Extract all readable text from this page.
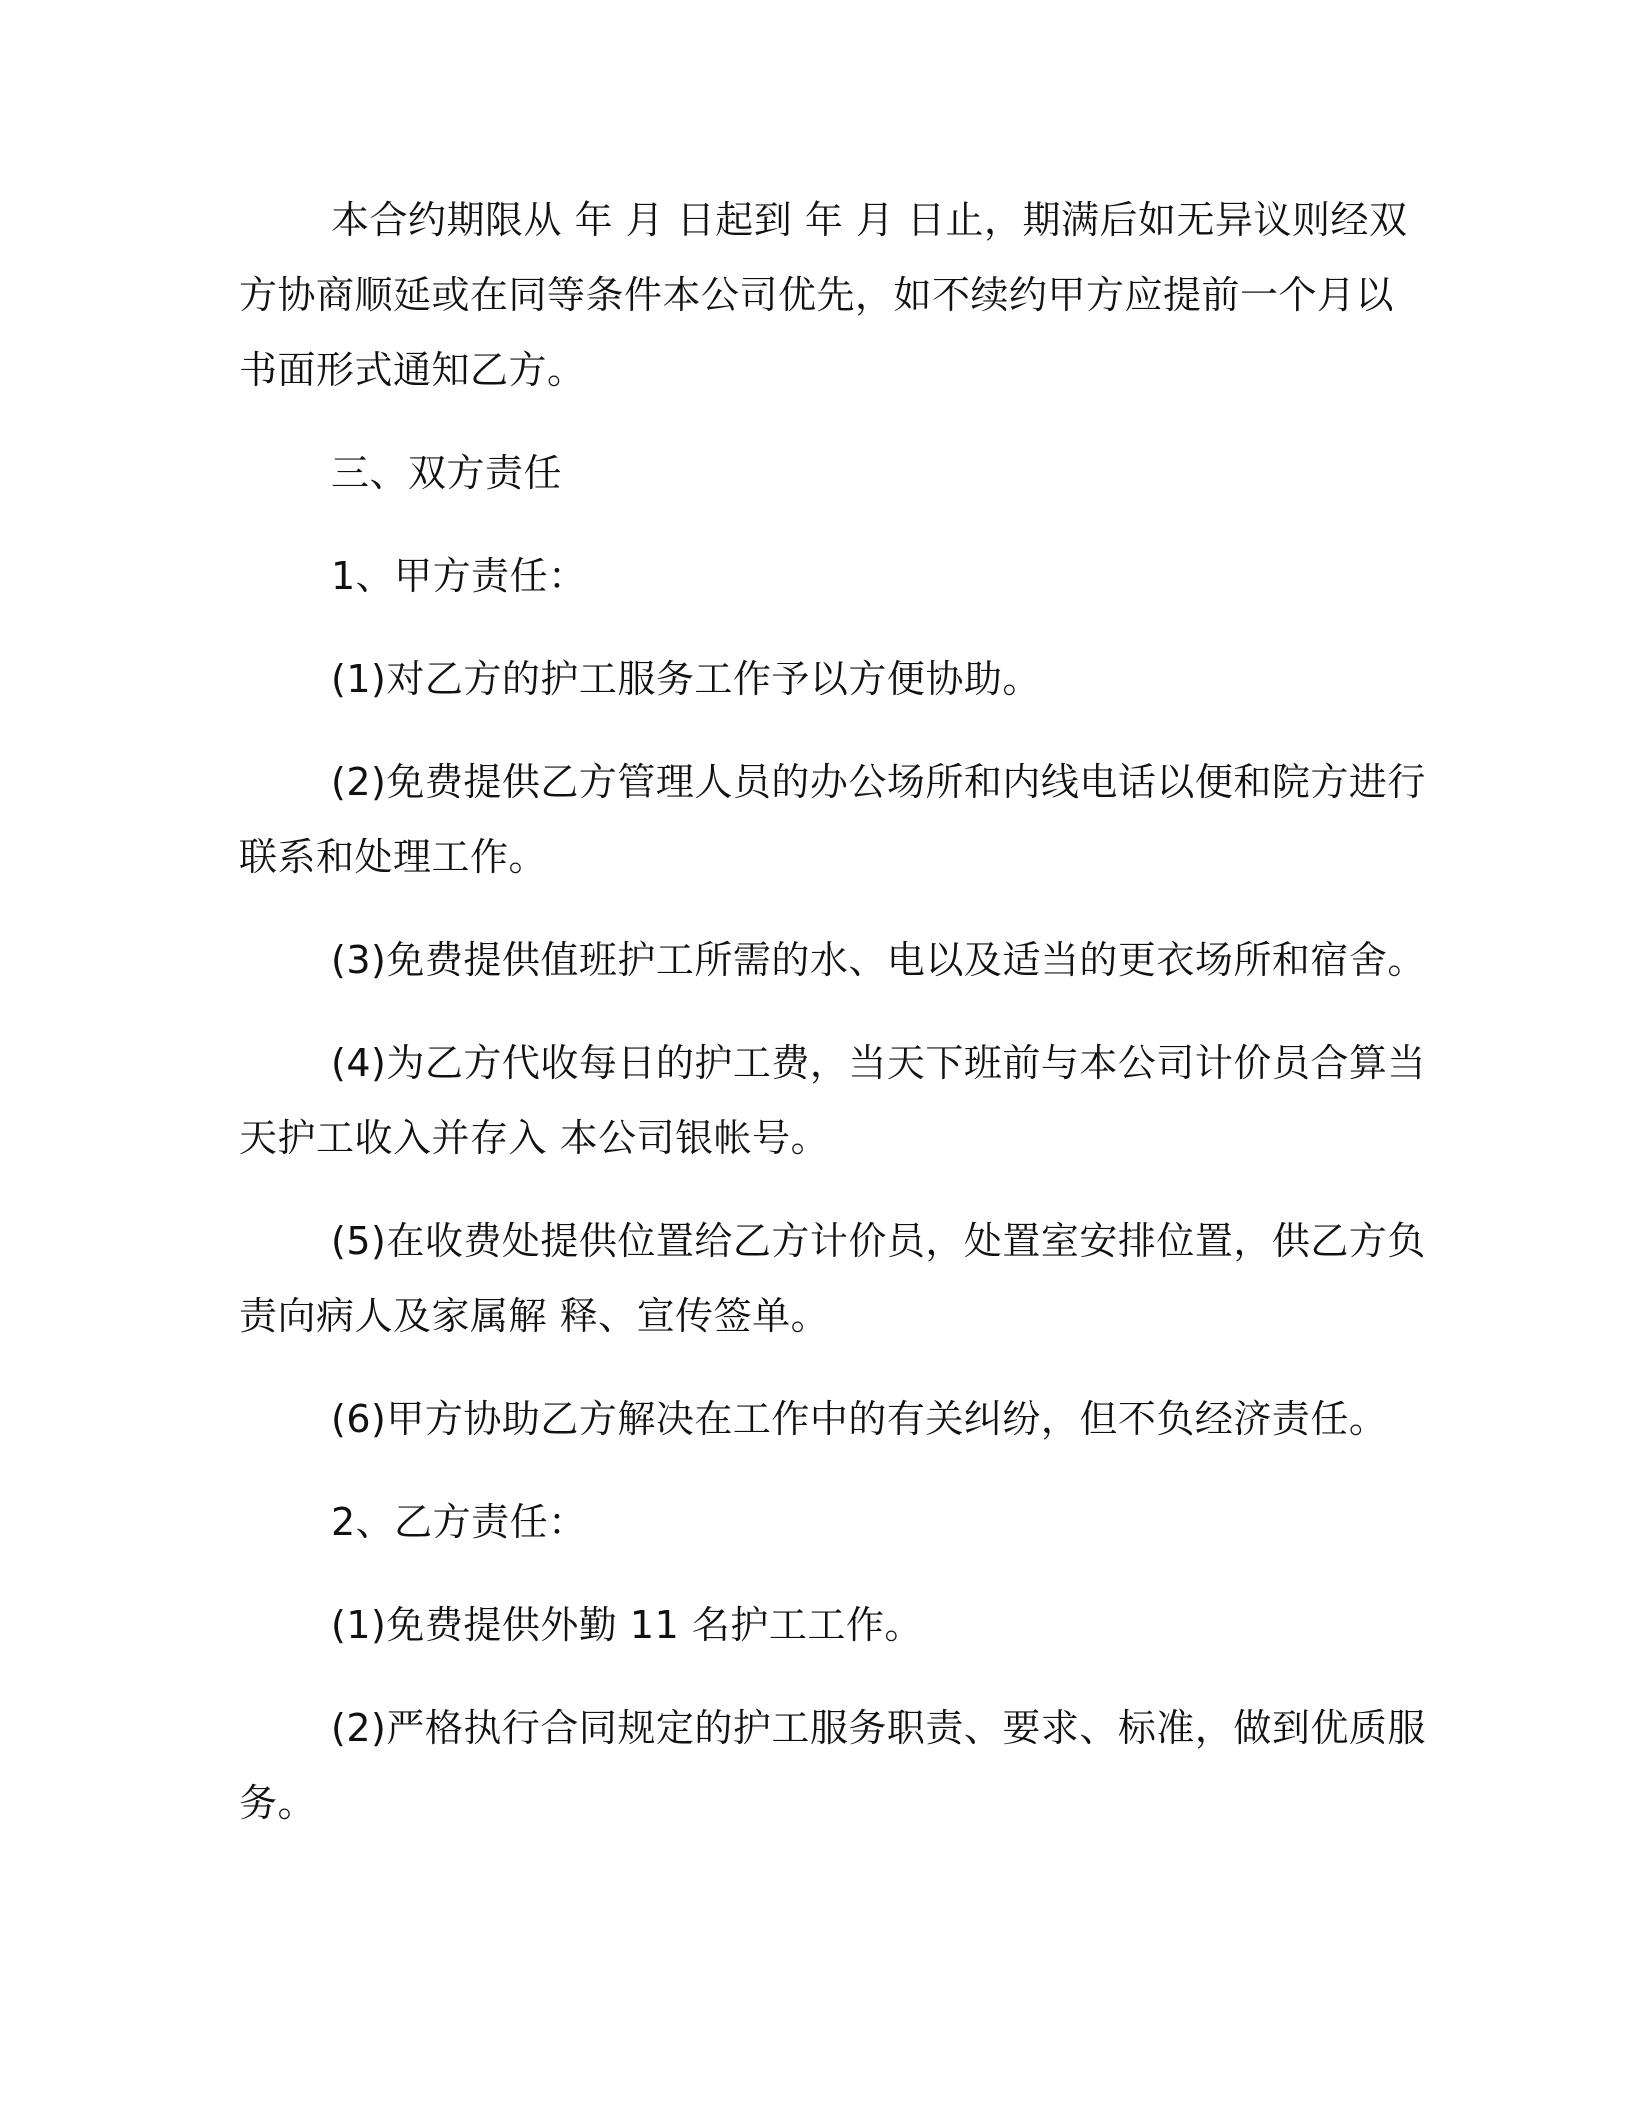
本合约期限从 年 月 日起到 年 月 日止，期满后如无异议则经双

方协商顺延或在同等条件本公司优先，如不续约甲方应提前一个月以

书面形式通知乙方。

三、双方责任

1、甲方责任：

(1)对乙方的护工服务工作予以方便协助。

(2)免费提供乙方管理人员的办公场所和内线电话以便和院方进行

联系和处理工作。

(3)免费提供值班护工所需的水、电以及适当的更衣场所和宿舍。

(4)为乙方代收每日的护工费，当天下班前与本公司计价员合算当

天护工收入并存入 本公司银帐号。

(5)在收费处提供位置给乙方计价员，处置室安排位置，供乙方负

责向病人及家属解 释、宣传签单。

(6)甲方协助乙方解决在工作中的有关纠纷，但不负经济责任。

2、乙方责任：

(1)免费提供外勤 11 名护工工作。

(2)严格执行合同规定的护工服务职责、要求、标准，做到优质服

务。
